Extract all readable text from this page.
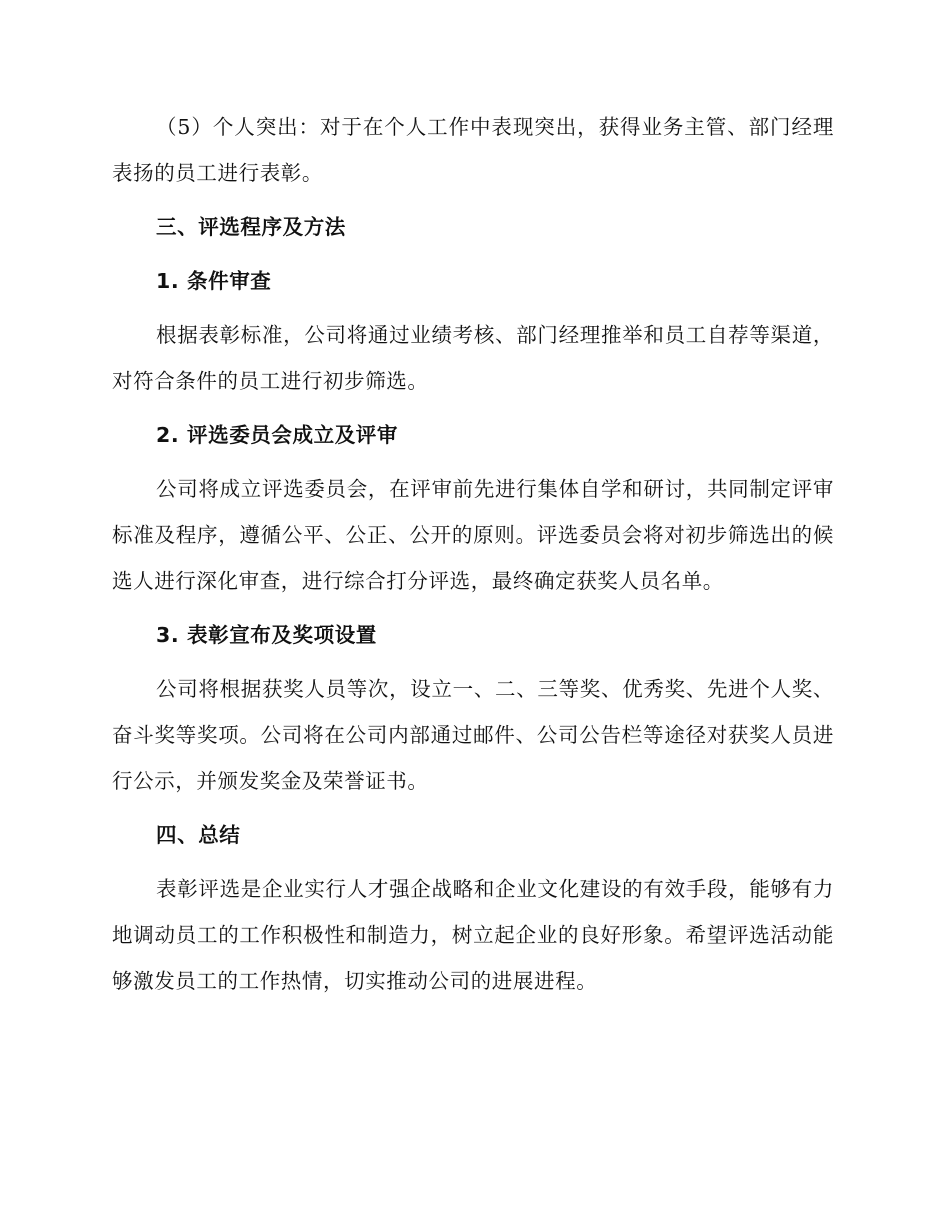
（5）个人突出：对于在个人工作中表现突出，获得业务主管、部门经理表扬的员工进行表彰。

三、评选程序及方法
1. 条件审查

根据表彰标准，公司将通过业绩考核、部门经理推举和员工自荐等渠道，对符合条件的员工进行初步筛选。

2. 评选委员会成立及评审

公司将成立评选委员会，在评审前先进行集体自学和研讨，共同制定评审标准及程序，遵循公平、公正、公开的原则。评选委员会将对初步筛选出的候选人进行深化审查，进行综合打分评选，最终确定获奖人员名单。

3. 表彰宣布及奖项设置

公司将根据获奖人员等次，设立一、二、三等奖、优秀奖、先进个人奖、奋斗奖等奖项。公司将在公司内部通过邮件、公司公告栏等途径对获奖人员进行公示，并颁发奖金及荣誉证书。

四、总结

表彰评选是企业实行人才强企战略和企业文化建设的有效手段，能够有力地调动员工的工作积极性和制造力，树立起企业的良好形象。希望评选活动能够激发员工的工作热情，切实推动公司的进展进程。
